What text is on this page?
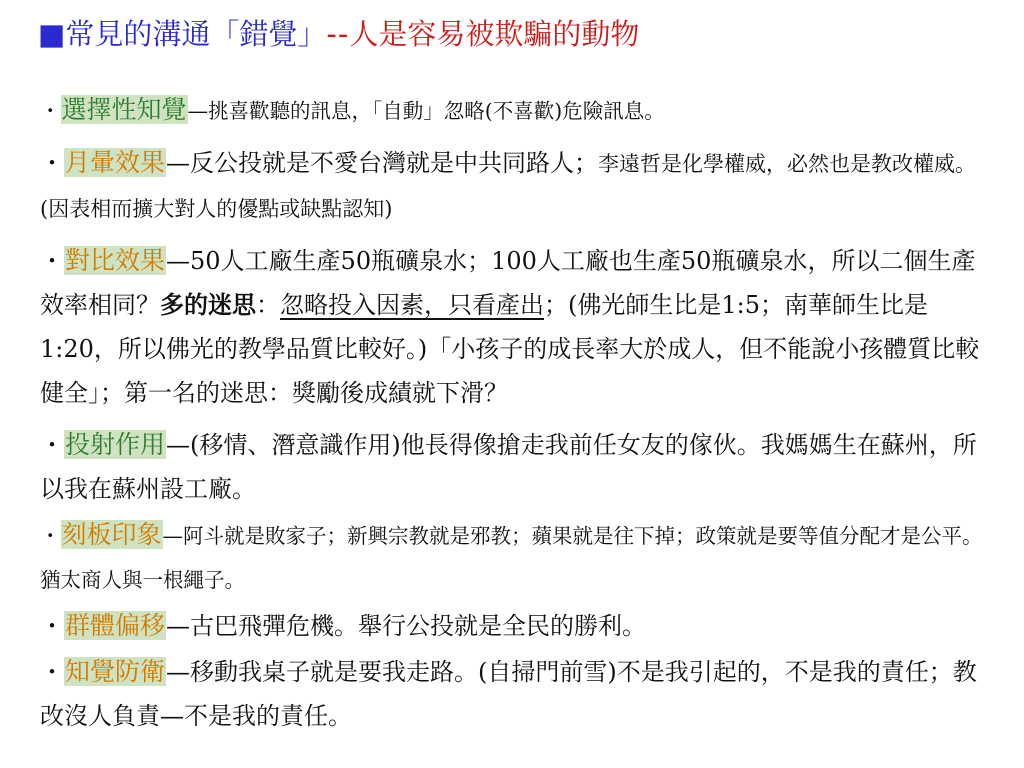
■常見的溝通「錯覺」--人是容易被欺騙的動物

・選擇性知覺—挑喜歡聽的訊息，「自動」忽略(不喜歡)危險訊息。

・月暈效果—反公投就是不愛台灣就是中共同路人；李遠哲是化學權威，必然也是教改權威。(因表相而擴大對人的優點或缺點認知)

・對比效果—50人工廠生產50瓶礦泉水；100人工廠也生產50瓶礦泉水，所以二個生產效率相同？多的迷思：忽略投入因素，只看產出；(佛光師生比是1:5；南華師生比是1:20，所以佛光的教學品質比較好。)「小孩子的成長率大於成人，但不能說小孩體質比較健全」；第一名的迷思：獎勵後成績就下滑？

・投射作用—(移情、潛意識作用)他長得像搶走我前任女友的傢伙。我媽媽生在蘇州，所以我在蘇州設工廠。

・刻板印象—阿斗就是敗家子；新興宗教就是邪教；蘋果就是往下掉；政策就是要等值分配才是公平。猶太商人與一根繩子。

・群體偏移—古巴飛彈危機。舉行公投就是全民的勝利。

・知覺防衛—移動我桌子就是要我走路。(自掃門前雪)不是我引起的，不是我的責任；教改沒人負責—不是我的責任。
